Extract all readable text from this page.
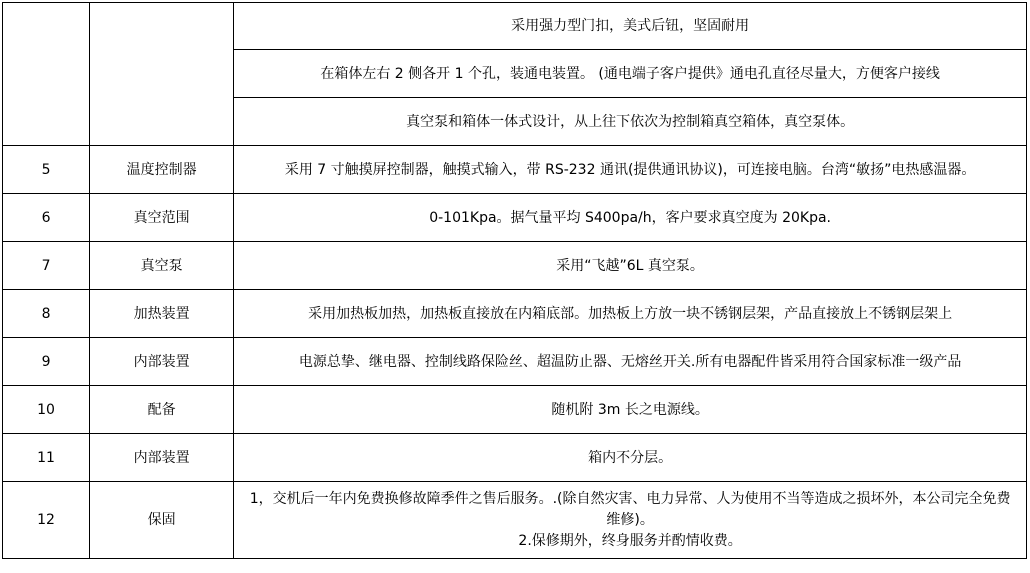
		采用强力型门扣，美式后钮，坚固耐用
		在箱体左右 2 侧各开 1 个孔，装通电装置。 (通电端子客户提供》通电孔直径尽量大，方便客户接线
		真空泵和箱体一体式设计，从上往下依次为控制箱真空箱体，真空泵体。
5	温度控制器	采用 7 寸触摸屏控制器，触摸式输入，带 RS-232 通讯(提供通讯协议)，可连接电脑。台湾“敏扬”电热感温器。
6	真空范围	0-101Kpa。据气量平均 S400pa/h，客户要求真空度为 20Kpa.
7	真空泵	采用“飞越”6L 真空泵。
8	加热装置	采用加热板加热，加热板直接放在内箱底部。加热板上方放一块不锈钢层架，产品直接放上不锈钢层架上
9	内部装置	电源总挚、继电器、控制线路保险丝、超温防止器、无熔丝开关.所有电器配件皆采用符合国家标准一级产品
10	配备	随机附 3m 长之电源线。
11	内部装置	箱内不分层。
12	保固	1，交机后一年内免费换修故障季件之售后服务。.(除自然灾害、电力异常、人为使用不当等造成之损坏外，本公司完全免费维修)。
2.保修期外，终身服务并酌情收费。
